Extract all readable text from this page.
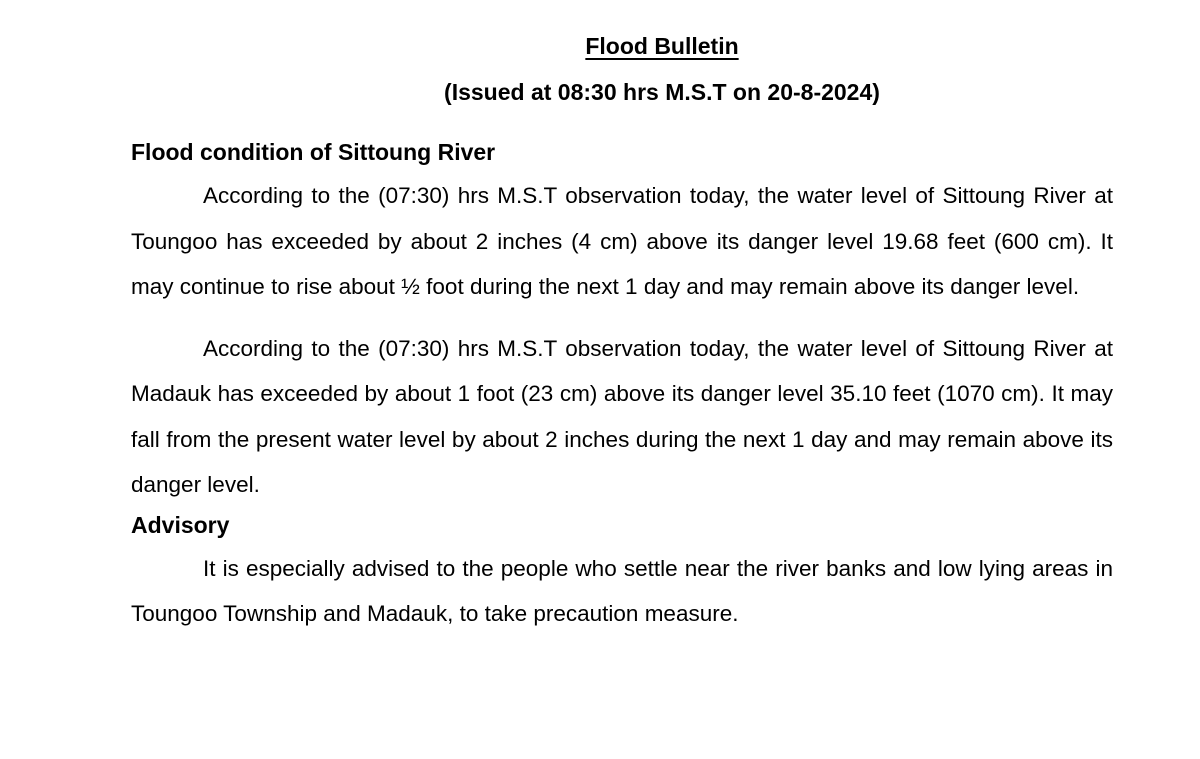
Flood Bulletin
(Issued at 08:30 hrs M.S.T on 20-8-2024)
Flood condition of Sittoung River

According to the (07:30) hrs M.S.T observation today, the water level of Sittoung River at Toungoo has exceeded by about 2 inches (4 cm) above its danger level 19.68 feet (600 cm). It may continue to rise about ½ foot during the next 1 day and may remain above its danger level.

According to the (07:30) hrs M.S.T observation today, the water level of Sittoung River at Madauk has exceeded by about 1 foot (23 cm) above its danger level 35.10 feet (1070 cm). It may fall from the present water level by about 2 inches during the next 1 day and may remain above its danger level.

Advisory

It is especially advised to the people who settle near the river banks and low lying areas in Toungoo Township and Madauk, to take precaution measure.
